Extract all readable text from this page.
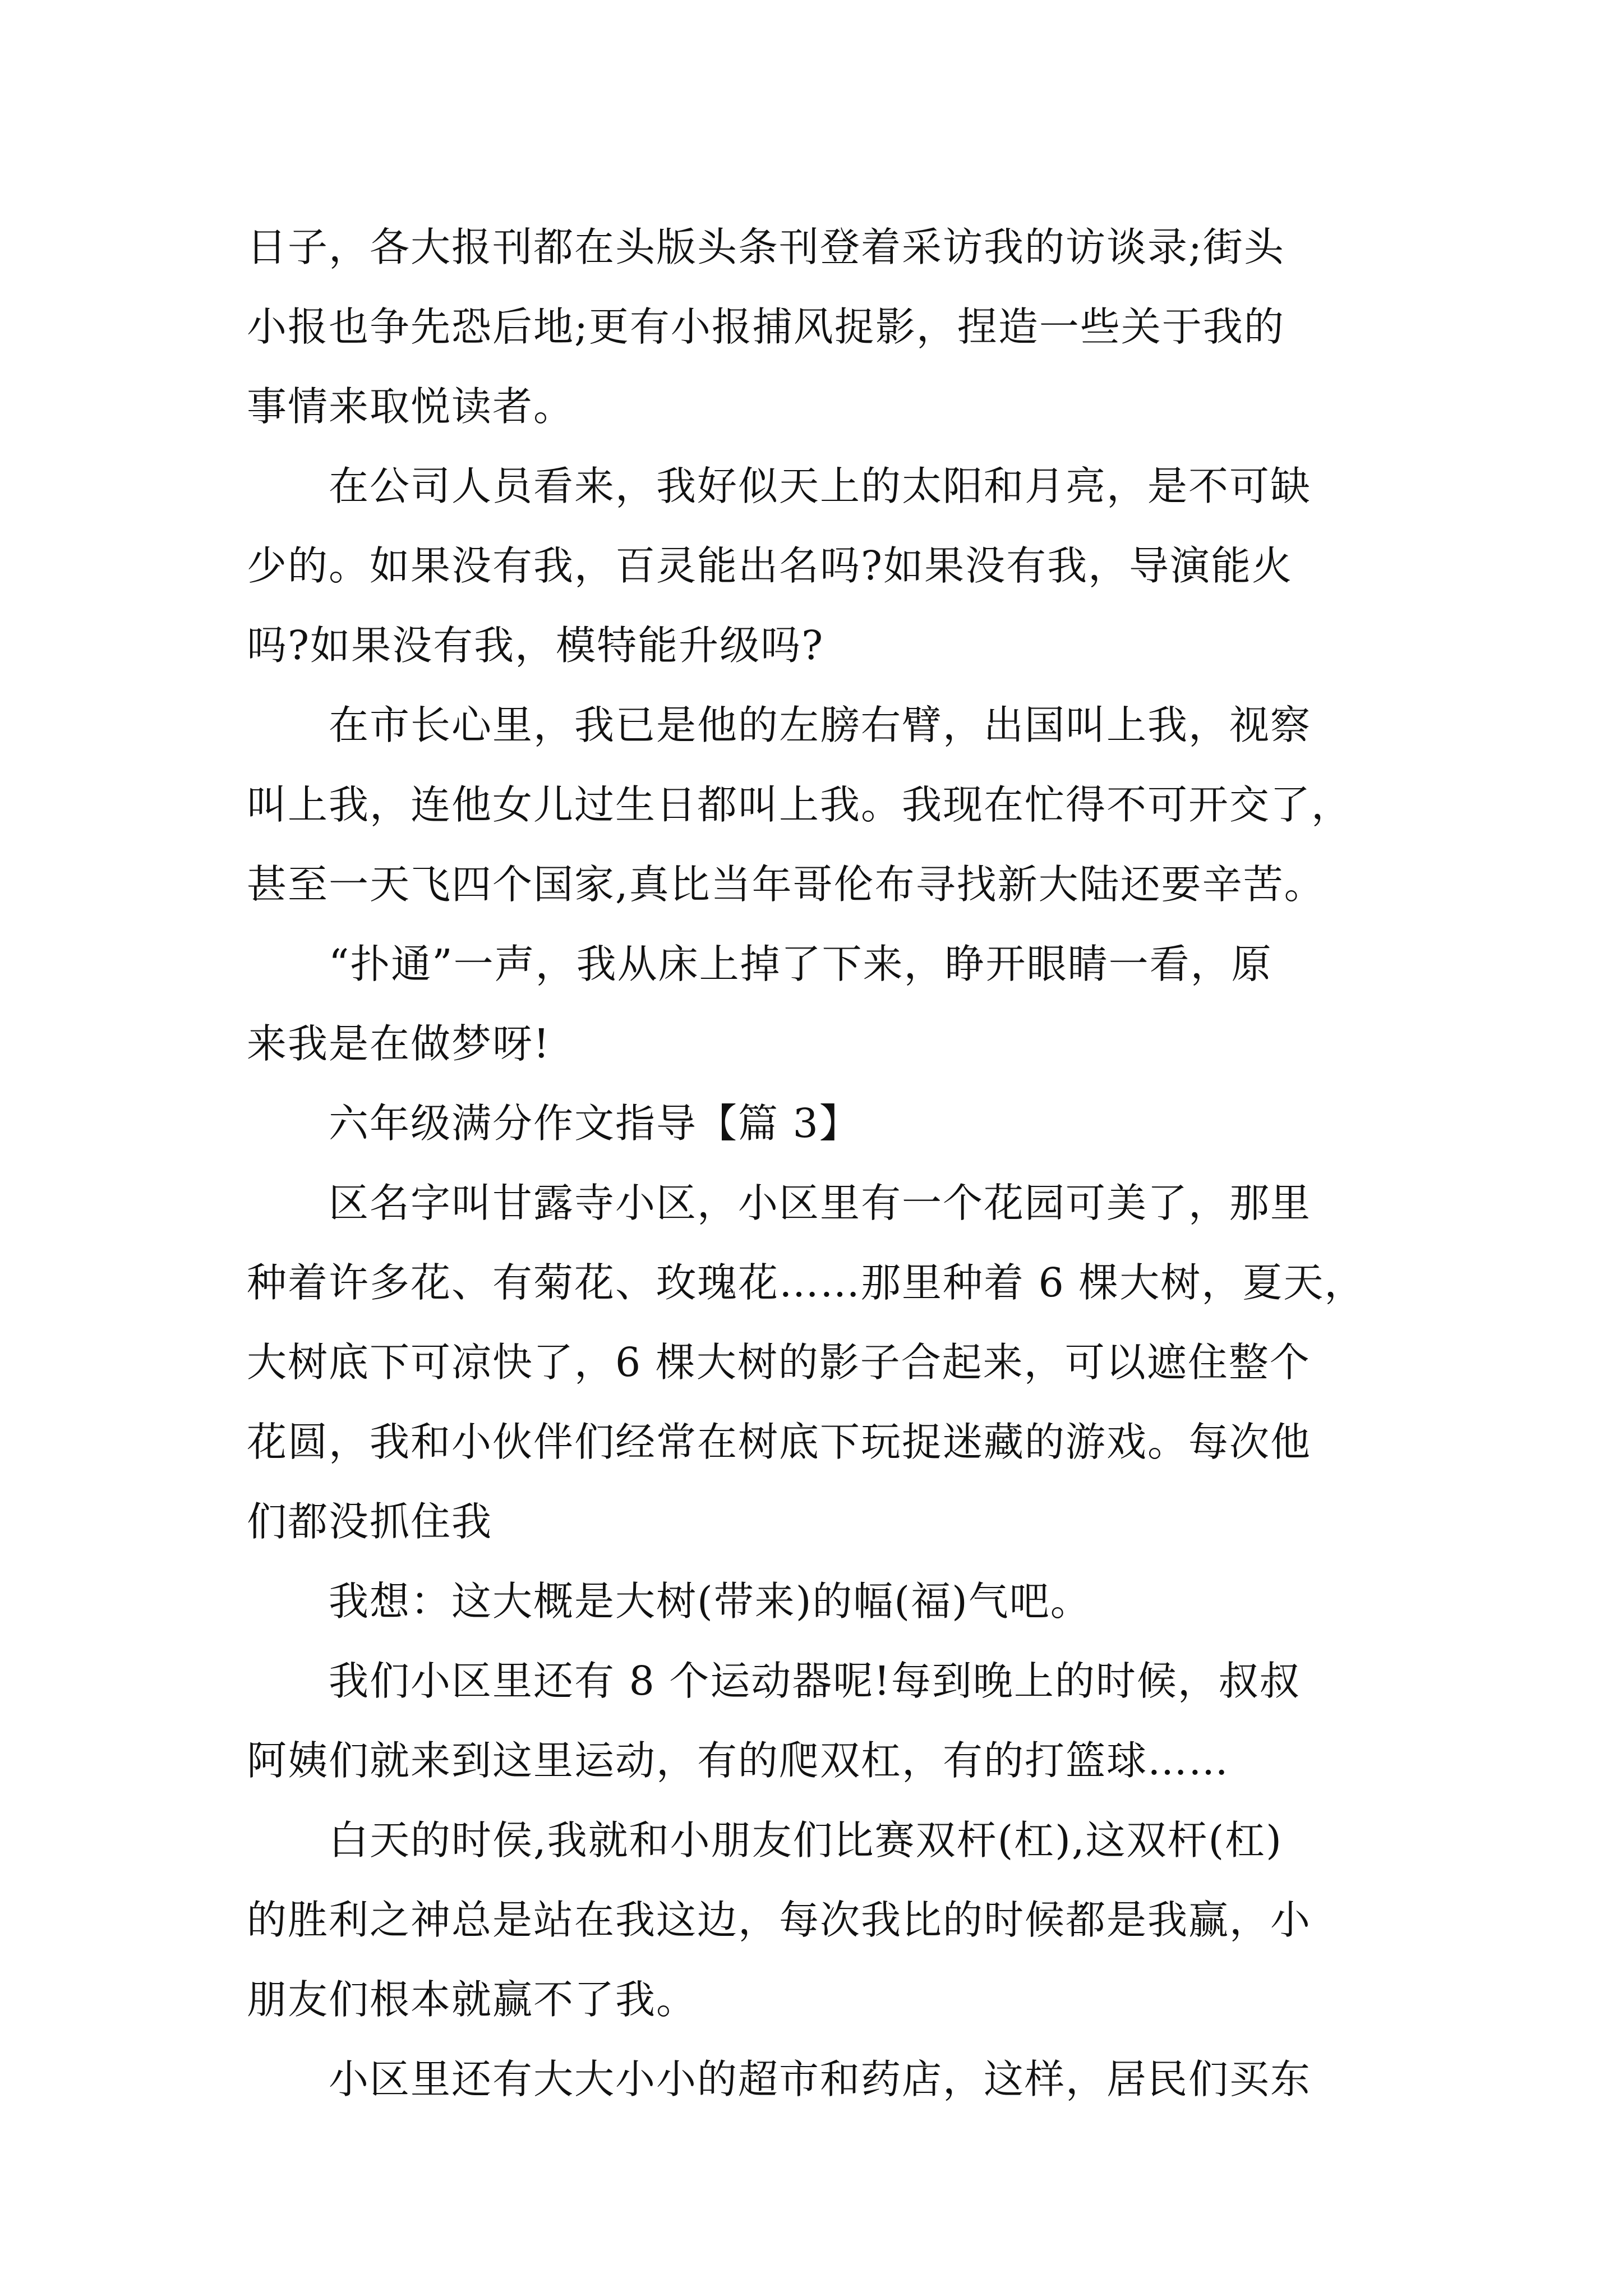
日子，各大报刊都在头版头条刊登着采访我的访谈录;街头
小报也争先恐后地;更有小报捕风捉影，捏造一些关于我的
事情来取悦读者。
在公司人员看来，我好似天上的太阳和月亮，是不可缺
少的。如果没有我，百灵能出名吗?如果没有我，导演能火
吗?如果没有我，模特能升级吗?
在市长心里，我已是他的左膀右臂，出国叫上我，视察
叫上我，连他女儿过生日都叫上我。我现在忙得不可开交了，
甚至一天飞四个国家,真比当年哥伦布寻找新大陆还要辛苦。
“扑通”一声，我从床上掉了下来，睁开眼睛一看，原
来我是在做梦呀!
六年级满分作文指导【篇 3】
区名字叫甘露寺小区，小区里有一个花园可美了，那里
种着许多花、有菊花、玫瑰花……那里种着 6 棵大树，夏天，
大树底下可凉快了，6 棵大树的影子合起来，可以遮住整个
花圆，我和小伙伴们经常在树底下玩捉迷藏的游戏。每次他
们都没抓住我
我想：这大概是大树(带来)的幅(福)气吧。
我们小区里还有 8 个运动器呢!每到晚上的时候，叔叔
阿姨们就来到这里运动，有的爬双杠，有的打篮球……
白天的时侯,我就和小朋友们比赛双杆(杠),这双杆(杠)
的胜利之神总是站在我这边，每次我比的时候都是我赢，小
朋友们根本就赢不了我。
小区里还有大大小小的超市和药店，这样，居民们买东
